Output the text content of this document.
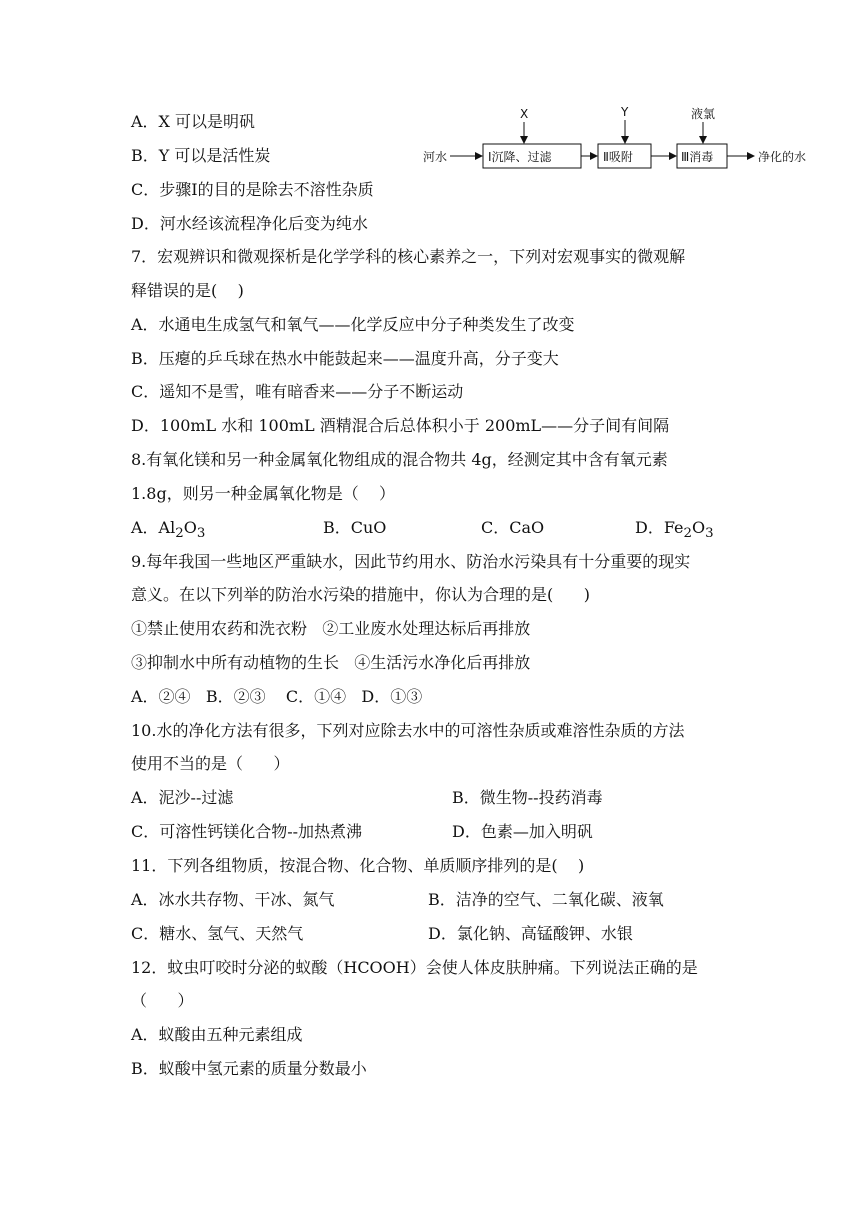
A．X 可以是明矾
B．Y 可以是活性炭
C．步骤Ⅰ的目的是除去不溶性杂质
D．河水经该流程净化后变为纯水
河水	Ⅰ沉降、过滤
X
Ⅱ吸附
Y
Ⅲ消毒
液氯
净化的水
7．宏观辨识和微观探析是化学学科的核心素养之一，下列对宏观事实的微观解
释错误的是(    )
A．水通电生成氢气和氧气——化学反应中分子种类发生了改变
B．压瘪的乒乓球在热水中能鼓起来——温度升高，分子变大
C．遥知不是雪，唯有暗香来——分子不断运动
D．100mL 水和 100mL 酒精混合后总体积小于 200mL——分子间有间隔
8.有氧化镁和另一种金属氧化物组成的混合物共 4g，经测定其中含有氧元素
1.8g，则另一种金属氧化物是（    ）
A．$Al_2O_3$	B．CuO	C．CaO	D．$Fe_2O_3$
9.每年我国一些地区严重缺水，因此节约用水、防治水污染具有十分重要的现实
意义。在以下列举的防治水污染的措施中，你认为合理的是(      )
①禁止使用农药和洗衣粉   ②工业废水处理达标后再排放
③抑制水中所有动植物的生长   ④生活污水净化后再排放
A．②④   B．②③    C．①④   D．①③
10.水的净化方法有很多，下列对应除去水中的可溶性杂质或难溶性杂质的方法
使用不当的是（      ）
A．泥沙--过滤	B．微生物--投药消毒
C．可溶性钙镁化合物--加热煮沸	D．色素—加入明矾
11．下列各组物质，按混合物、化合物、单质顺序排列的是(    )
A．冰水共存物、干冰、氮气	B．洁净的空气、二氧化碳、液氧
C．糖水、氢气、天然气	D．氯化钠、高锰酸钾、水银
12．蚊虫叮咬时分泌的蚁酸（HCOOH）会使人体皮肤肿痛。下列说法正确的是
（      ）
A．蚁酸由五种元素组成
B．蚁酸中氢元素的质量分数最小
